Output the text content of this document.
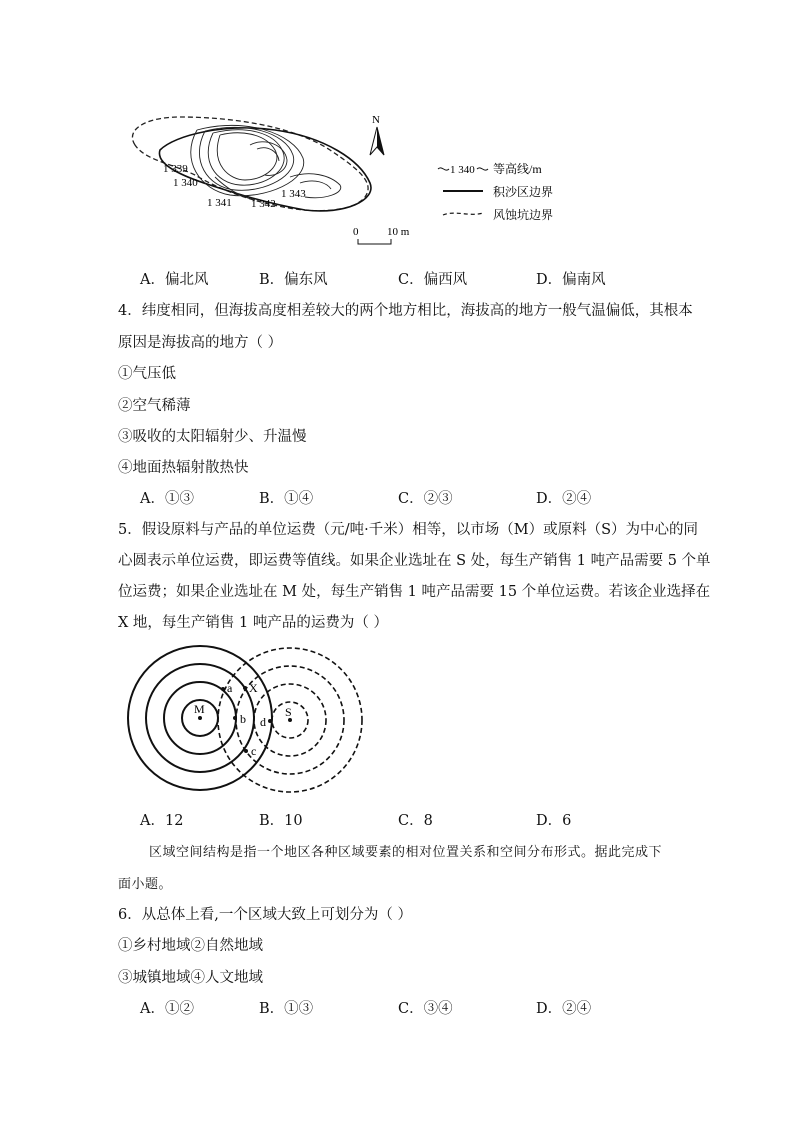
1 339
1 340
1 341 1 342
1 343
N
1 340 等高线/m
积沙区边界
风蚀坑边界
0	10 m
A．偏北风	B．偏东风	C．偏西风	D．偏南风
4．纬度相同，但海拔高度相差较大的两个地方相比，海拔高的地方一般气温偏低，其根本
原因是海拔高的地方（ ）
①气压低
②空气稀薄
③吸收的太阳辐射少、升温慢
④地面热辐射散热快
A．①③	B．①④	C．②③	D．②④
5．假设原料与产品的单位运费（元/吨·千米）相等，以市场（M）或原料（S）为中心的同
心圆表示单位运费，即运费等值线。如果企业选址在 S 处，每生产销售 1 吨产品需要 5 个单
位运费；如果企业选址在 M 处，每生产销售 1 吨产品需要 15 个单位运费。若该企业选择在
X 地，每生产销售 1 吨产品的运费为（ ）
M	S
a X
b d
c
A．12	B．10	C．8	D．6
区域空间结构是指一个地区各种区域要素的相对位置关系和空间分布形式。据此完成下
面小题。
6．从总体上看,一个区域大致上可划分为（ ）
①乡村地域②自然地域
③城镇地域④人文地域
A．①②	B．①③	C．③④	D．②④
